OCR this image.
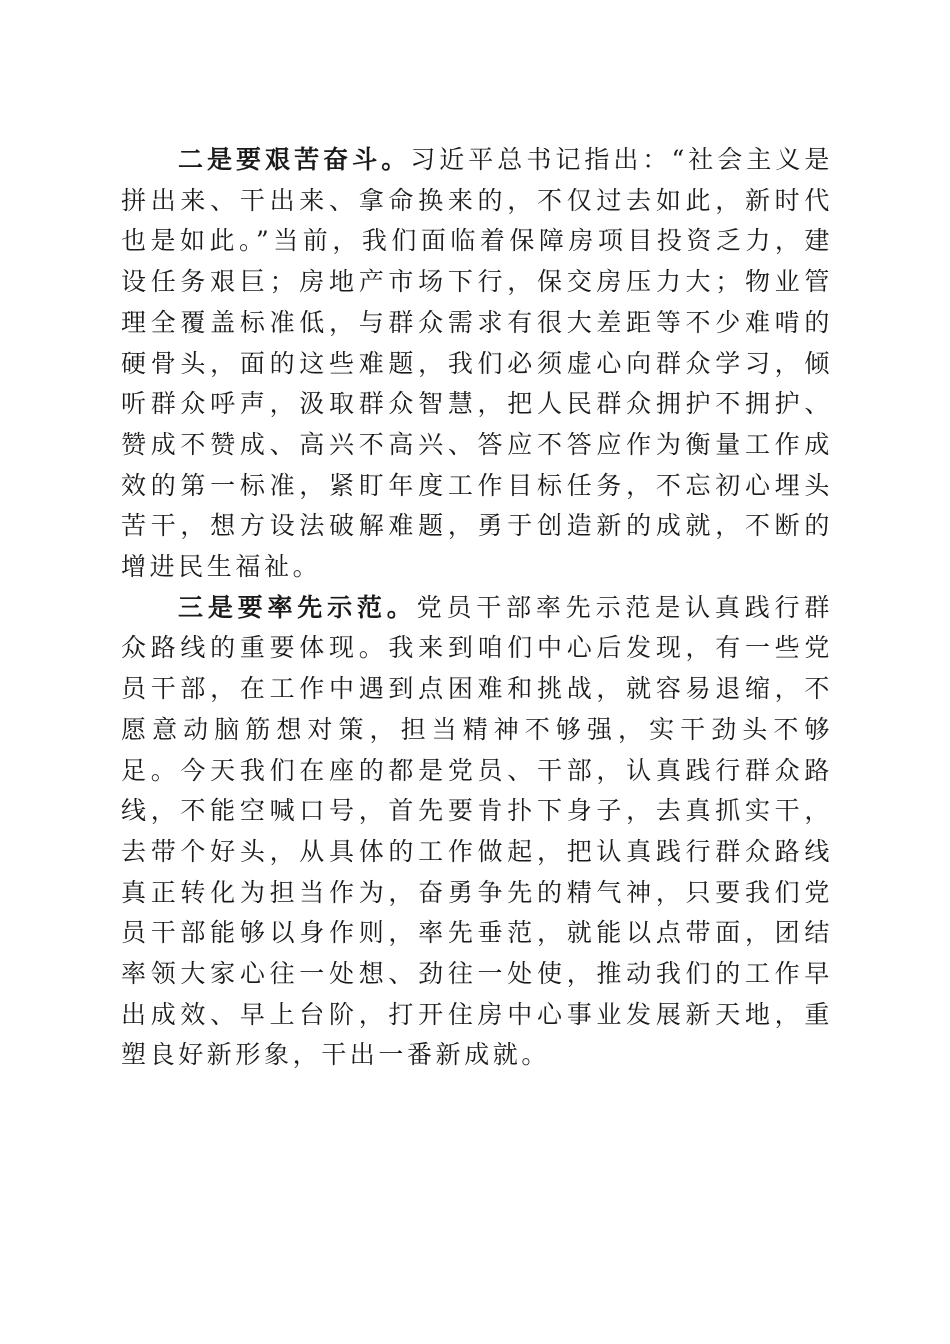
二是要艰苦奋斗。习近平总书记指出：“社会主义是拼出来、干出来、拿命换来的，不仅过去如此，新时代也是如此。”当前，我们面临着保障房项目投资乏力，建设任务艰巨；房地产市场下行，保交房压力大；物业管理全覆盖标准低，与群众需求有很大差距等不少难啃的硬骨头，面的这些难题，我们必须虚心向群众学习，倾听群众呼声，汲取群众智慧，把人民群众拥护不拥护、赞成不赞成、高兴不高兴、答应不答应作为衡量工作成效的第一标准，紧盯年度工作目标任务，不忘初心埋头苦干，想方设法破解难题，勇于创造新的成就，不断的增进民生福祉。

三是要率先示范。党员干部率先示范是认真践行群众路线的重要体现。我来到咱们中心后发现，有一些党员干部，在工作中遇到点困难和挑战，就容易退缩，不愿意动脑筋想对策，担当精神不够强，实干劲头不够足。今天我们在座的都是党员、干部，认真践行群众路线，不能空喊口号，首先要肯扑下身子，去真抓实干，去带个好头，从具体的工作做起，把认真践行群众路线真正转化为担当作为，奋勇争先的精气神，只要我们党员干部能够以身作则，率先垂范，就能以点带面，团结率领大家心往一处想、劲往一处使，推动我们的工作早出成效、早上台阶，打开住房中心事业发展新天地，重塑良好新形象，干出一番新成就。
